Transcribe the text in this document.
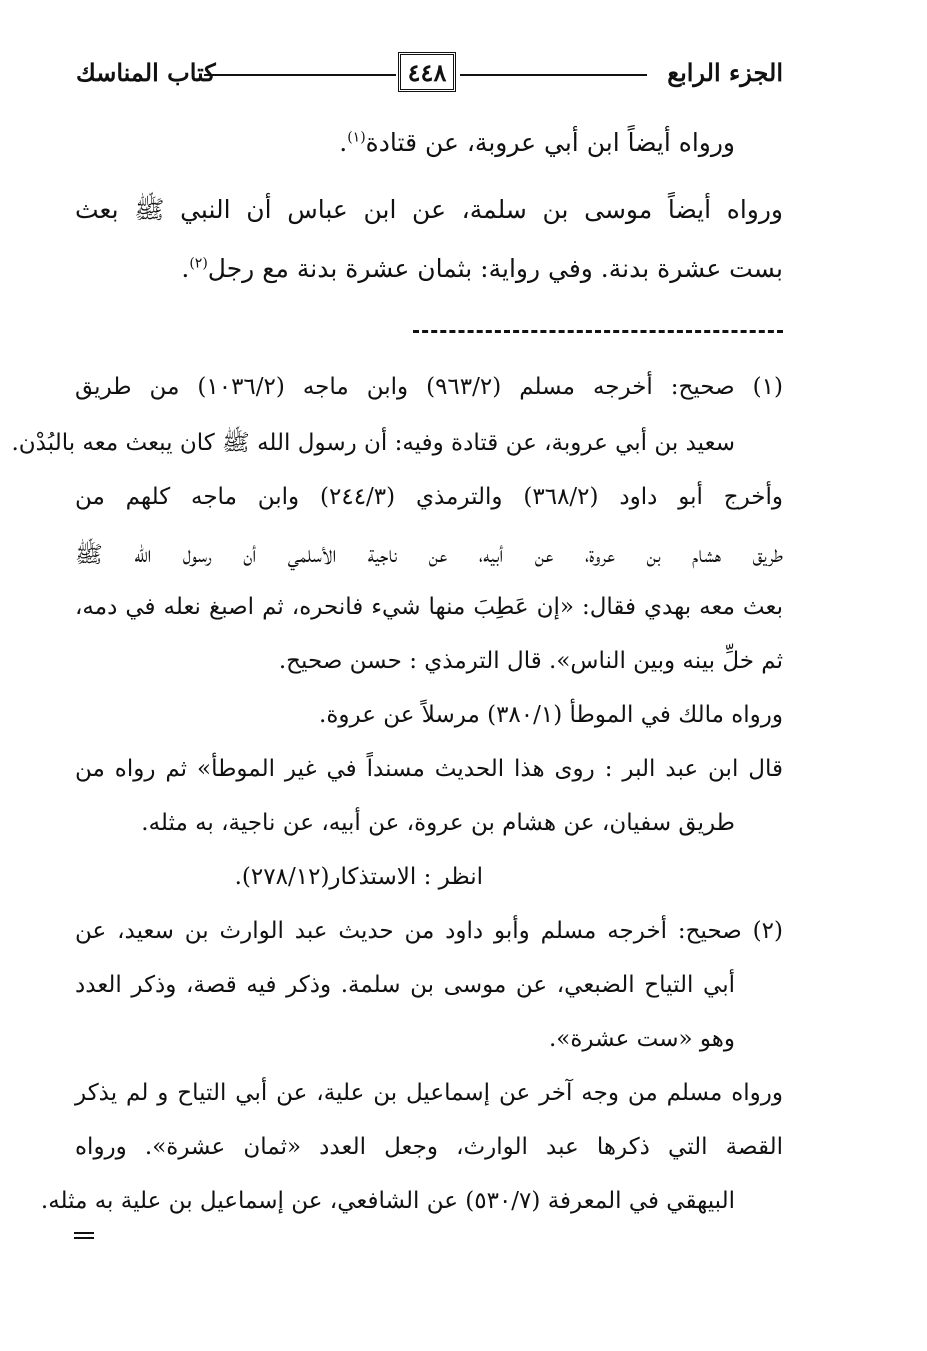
الجزء الرابع
٤٤٨
كتاب المناسك
ورواه أيضاً ابن أبي عروبة، عن قتادة$^{(١)}$.
ورواه أيضاً موسى بن سلمة، عن ابن عباس أن النبي ﷺ بعث
بست عشرة بدنة. وفي رواية: بثمان عشرة بدنة مع رجل$^{(٢)}$.
(١) صحيح: أخرجه مسلم (٩٦٣/٢) وابن ماجه (١٠٣٦/٢) من طريق
سعيد بن أبي عروبة، عن قتادة وفيه: أن رسول الله ﷺ كان يبعث معه بالبُدْن.
وأخرج أبو داود (٣٦٨/٢) والترمذي (٢٤٤/٣) وابن ماجه كلهم من
طريق هشام بن عروة، عن أبيه، عن ناجية الأسلمي أن رسول الله ﷺ
بعث معه بهدي فقال: «إن عَطِبَ منها شيء فانحره، ثم اصبغ نعله في دمه،
ثم خلِّ بينه وبين الناس». قال الترمذي : حسن صحيح.
ورواه مالك في الموطأ (٣٨٠/١) مرسلاً عن عروة.
قال ابن عبد البر : روى هذا الحديث مسنداً في غير الموطأ» ثم رواه من
طريق سفيان، عن هشام بن عروة، عن أبيه، عن ناجية، به مثله.
انظر : الاستذكار(٢٧٨/١٢).
(٢) صحيح: أخرجه مسلم وأبو داود من حديث عبد الوارث بن سعيد، عن
أبي التياح الضبعي، عن موسى بن سلمة. وذكر فيه قصة، وذكر العدد
وهو «ست عشرة».
ورواه مسلم من وجه آخر عن إسماعيل بن علية، عن أبي التياح و لم يذكر
القصة التي ذكرها عبد الوارث، وجعل العدد «ثمان عشرة». ورواه
البيهقي في المعرفة (٥٣٠/٧) عن الشافعي، عن إسماعيل بن علية به مثله.
